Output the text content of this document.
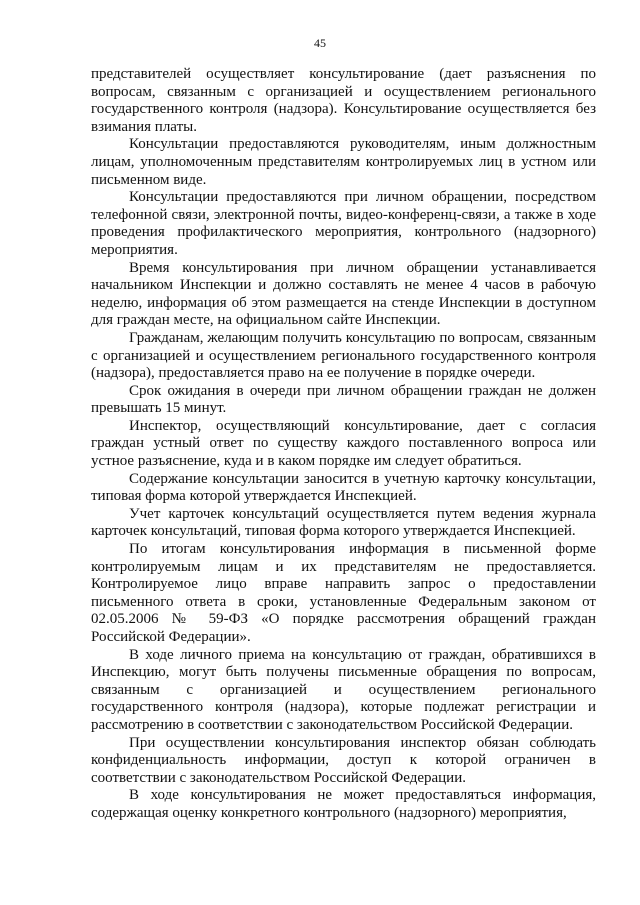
45

представителей осуществляет консультирование (дает разъяснения по вопросам, связанным с организацией и осуществлением регионального государственного контроля (надзора). Консультирование осуществляется без взимания платы.

Консультации предоставляются руководителям, иным должностным лицам, уполномоченным представителям контролируемых лиц в устном или письменном виде.

Консультации предоставляются при личном обращении, посредством телефонной связи, электронной почты, видео-конференц-связи, а также в ходе проведения профилактического мероприятия, контрольного (надзорного) мероприятия.

Время консультирования при личном обращении устанавливается начальником Инспекции и должно составлять не менее 4 часов в рабочую неделю, информация об этом размещается на стенде Инспекции в доступном для граждан месте, на официальном сайте Инспекции.

Гражданам, желающим получить консультацию по вопросам, связанным с организацией и осуществлением регионального государственного контроля (надзора), предоставляется право на ее получение в порядке очереди.

Срок ожидания в очереди при личном обращении граждан не должен превышать 15 минут.

Инспектор, осуществляющий консультирование, дает с согласия граждан устный ответ по существу каждого поставленного вопроса или устное разъяснение, куда и в каком порядке им следует обратиться.

Содержание консультации заносится в учетную карточку консультации, типовая форма которой утверждается Инспекцией.

Учет карточек консультаций осуществляется путем ведения журнала карточек консультаций, типовая форма которого утверждается Инспекцией.

По итогам консультирования информация в письменной форме контролируемым лицам и их представителям не предоставляется. Контролируемое лицо вправе направить запрос о предоставлении письменного ответа в сроки, установленные Федеральным законом от 02.05.2006 № 59-ФЗ «О порядке рассмотрения обращений граждан Российской Федерации».

В ходе личного приема на консультацию от граждан, обратившихся в Инспекцию, могут быть получены письменные обращения по вопросам, связанным с организацией и осуществлением регионального государственного контроля (надзора), которые подлежат регистрации и рассмотрению в соответствии с законодательством Российской Федерации.

При осуществлении консультирования инспектор обязан соблюдать конфиденциальность информации, доступ к которой ограничен в соответствии с законодательством Российской Федерации.

В ходе консультирования не может предоставляться информация, содержащая оценку конкретного контрольного (надзорного) мероприятия,
